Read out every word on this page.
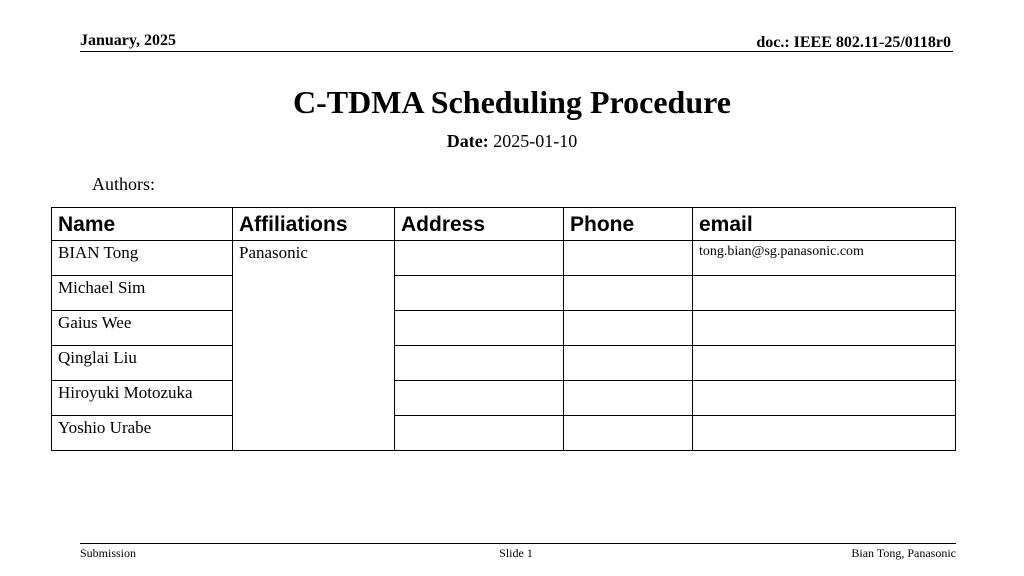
January, 2025	doc.: IEEE 802.11-25/0118r0
C-TDMA Scheduling Procedure
Date: 2025-01-10
Authors:
Name	Affiliations	Address	Phone	email
BIAN Tong	Panasonic			tong.bian@sg.panasonic.com
Michael Sim				
Gaius Wee				
Qinglai Liu				
Hiroyuki Motozuka				
Yoshio Urabe				
Submission	Slide 1	Bian Tong, Panasonic
